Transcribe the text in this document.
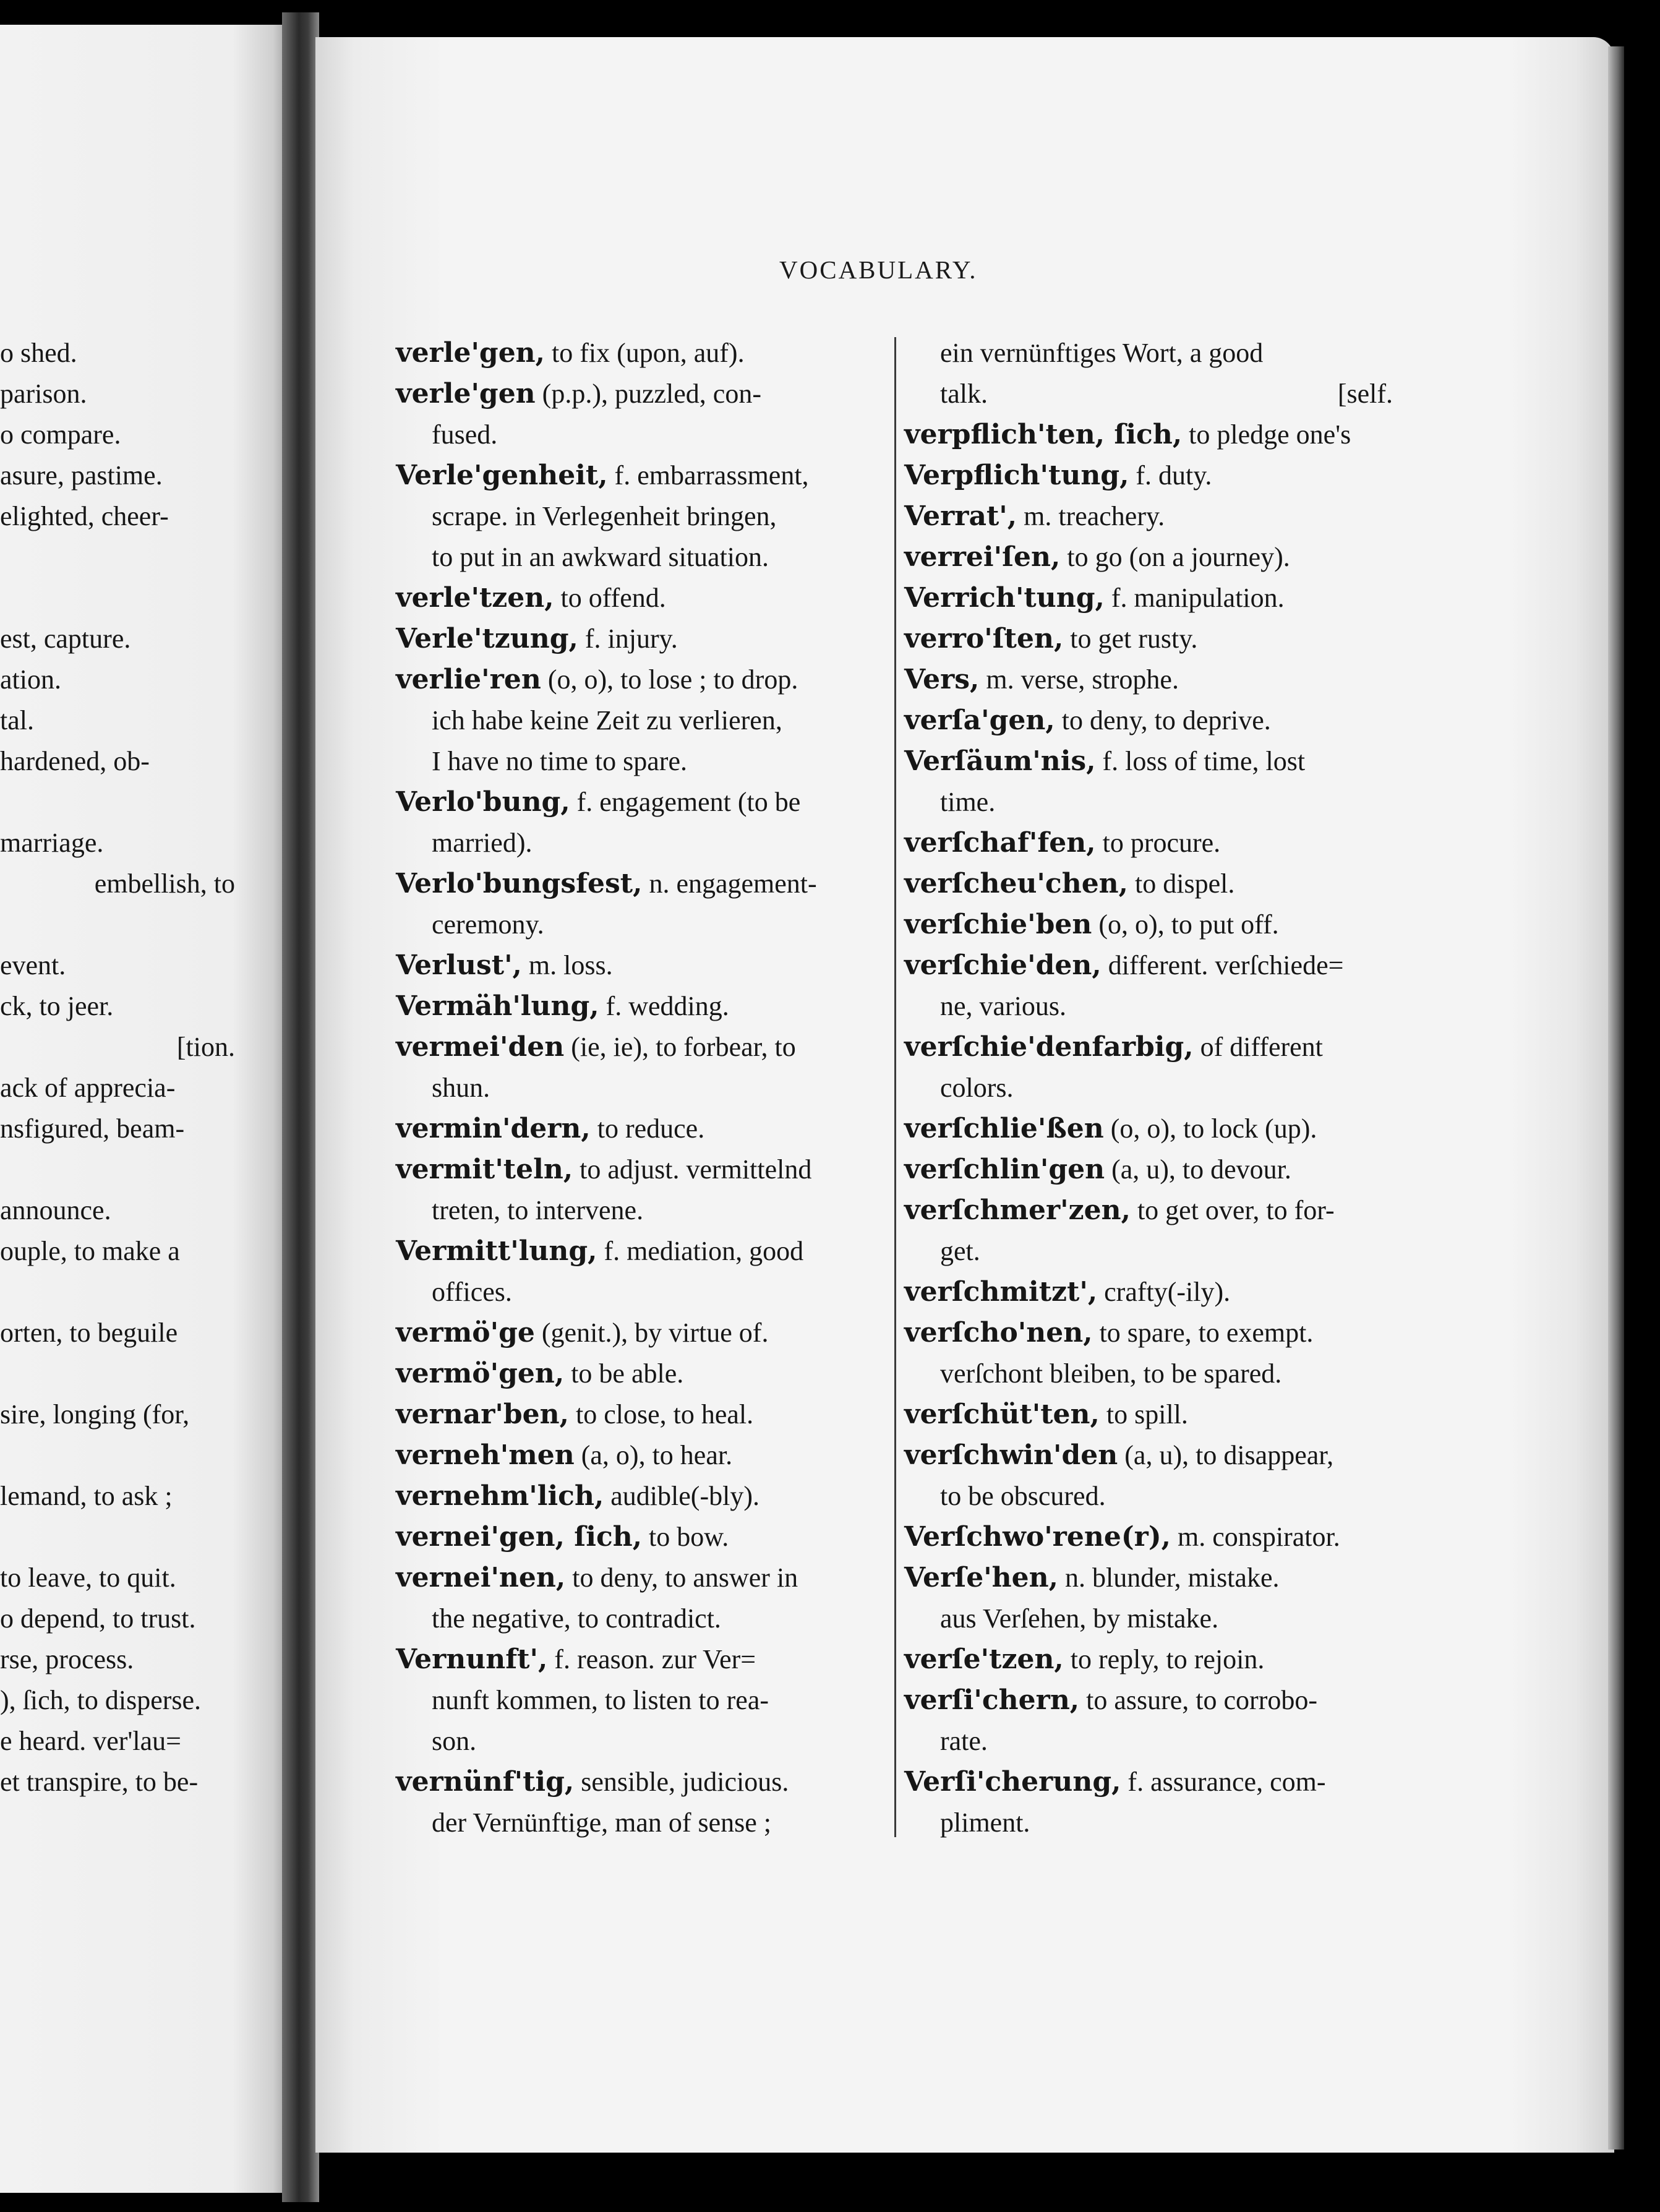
o shed.
parison.
o compare.
asure, pastime.
elighted, cheer-
est, capture.
ation.
tal.
hardened, ob-
marriage.
embellish, to
event.
ck, to jeer.
[tion.
ack of apprecia-
nsfigured, beam-
announce.
ouple, to make a
orten, to beguile
sire, longing (for,
lemand, to ask ;
to leave, to quit.
o depend, to trust.
rse, process.
), ſich, to disperse.
e heard. ver'lau=
et transpire, to be-
VOCABULARY.
verle'gen, to fix (upon, auf).
verle'gen (p.p.), puzzled, con-
fused.
Verle'genheit, f. embarrassment,
scrape. in Verlegenheit bringen,
to put in an awkward situation.
verle'tzen, to offend.
Verle'tzung, f. injury.
verlie'ren (o, o), to lose ; to drop.
ich habe keine Zeit zu verlieren,
I have no time to spare.
Verlo'bung, f. engagement (to be
married).
Verlo'bungsfest, n. engagement-
ceremony.
Verlust', m. loss.
Vermäh'lung, f. wedding.
vermei'den (ie, ie), to forbear, to
shun.
vermin'dern, to reduce.
vermit'teln, to adjust. vermittelnd
treten, to intervene.
Vermitt'lung, f. mediation, good
offices.
vermö'ge (genit.), by virtue of.
vermö'gen, to be able.
vernar'ben, to close, to heal.
verneh'men (a, o), to hear.
vernehm'lich, audible(-bly).
vernei'gen, ſich, to bow.
vernei'nen, to deny, to answer in
the negative, to contradict.
Vernunft', f. reason. zur Ver=
nunft kommen, to listen to rea-
son.
vernünf'tig, sensible, judicious.
der Vernünftige, man of sense ;
ein vernünftiges Wort, a good
talk.	[self.
verpflich'ten, ſich, to pledge one's
Verpflich'tung, f. duty.
Verrat', m. treachery.
verrei'ſen, to go (on a journey).
Verrich'tung, f. manipulation.
verro'ſten, to get rusty.
Vers, m. verse, strophe.
verſa'gen, to deny, to deprive.
Verſäum'nis, f. loss of time, lost
time.
verſchaf'fen, to procure.
verſcheu'chen, to dispel.
verſchie'ben (o, o), to put off.
verſchie'den, different. verſchiede=
ne, various.
verſchie'denfarbig, of different
colors.
verſchlie'ßen (o, o), to lock (up).
verſchlin'gen (a, u), to devour.
verſchmer'zen, to get over, to for-
get.
verſchmitzt', crafty(-ily).
verſcho'nen, to spare, to exempt.
verſchont bleiben, to be spared.
verſchüt'ten, to spill.
verſchwin'den (a, u), to disappear,
to be obscured.
Verſchwo'rene(r), m. conspirator.
Verſe'hen, n. blunder, mistake.
aus Verſehen, by mistake.
verſe'tzen, to reply, to rejoin.
verſi'chern, to assure, to corrobo-
rate.
Verſi'cherung, f. assurance, com-
pliment.
